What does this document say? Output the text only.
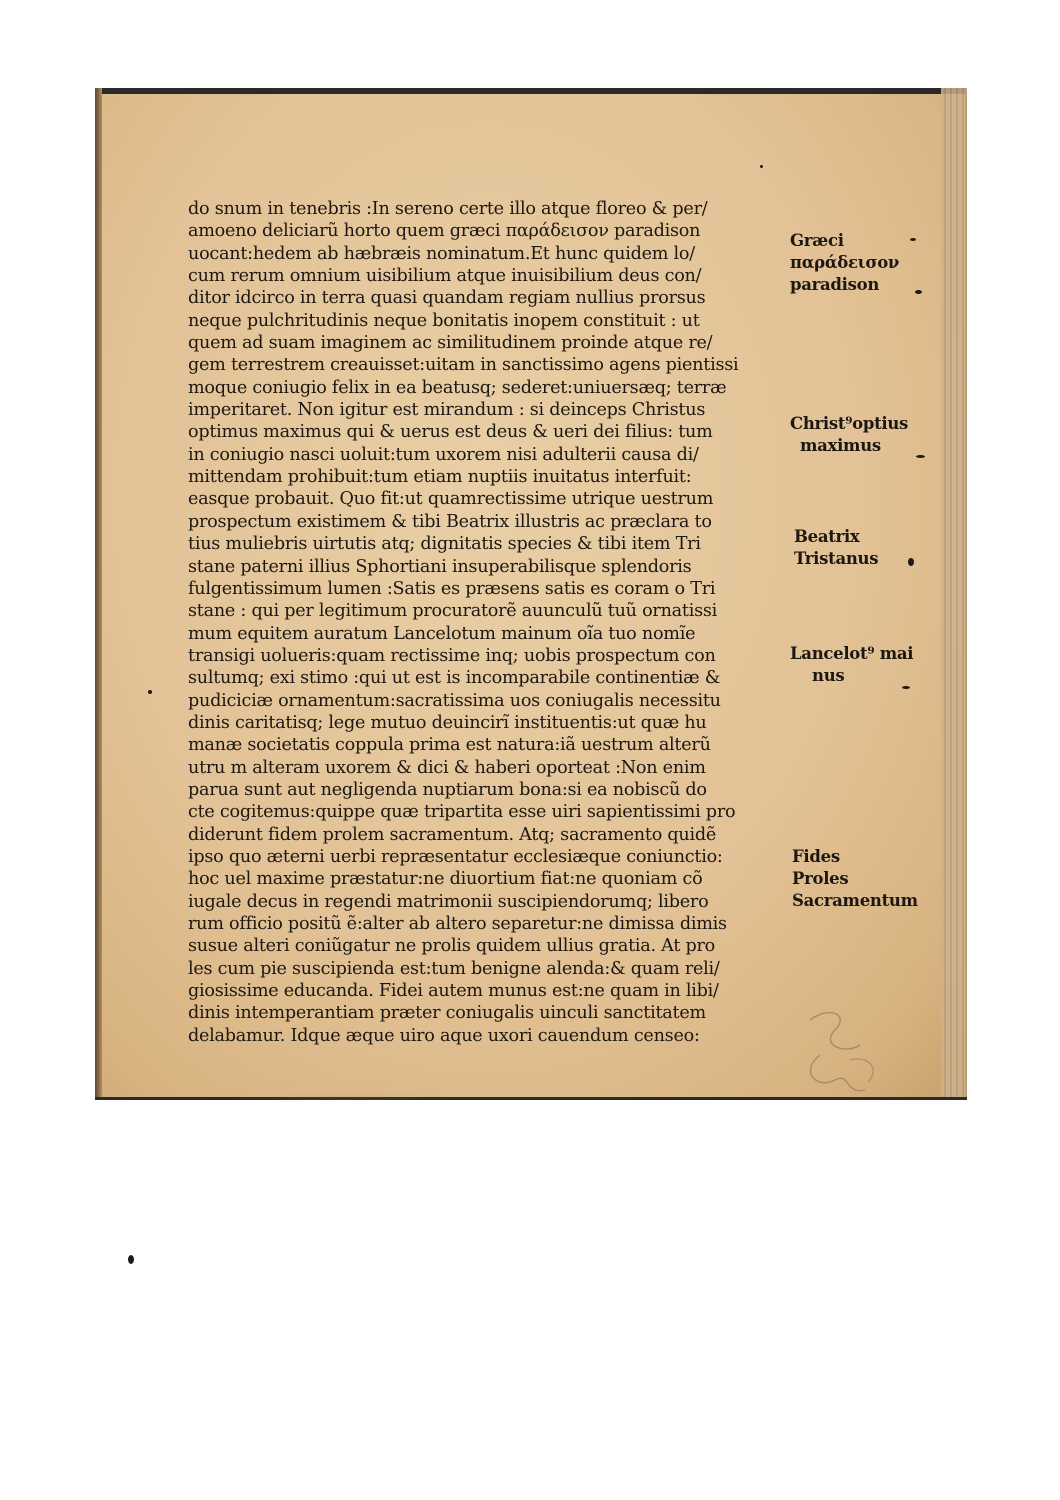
do snum in tenebris :In sereno certe illo atque floreo & per/
amoeno deliciarũ horto quem græci παράδεισον paradison
uocant:hedem ab hæbræis nominatum.Et hunc quidem lo/
cum rerum omnium uisibilium atque inuisibilium deus con/
ditor idcirco in terra quasi quandam regiam nullius prorsus
neque pulchritudinis neque bonitatis inopem constituit : ut
quem ad suam imaginem ac similitudinem proinde atque re/
gem terrestrem creauisset:uitam in sanctissimo agens pientissi
moque coniugio felix in ea beatusq; sederet:uniuersæq; terræ
imperitaret. Non igitur est mirandum : si deinceps Christus
optimus maximus qui & uerus est deus & ueri dei filius: tum
in coniugio nasci uoluit:tum uxorem nisi adulterii causa di/
mittendam prohibuit:tum etiam nuptiis inuitatus interfuit:
easque probauit. Quo fit:ut quamrectissime utrique uestrum
prospectum existimem & tibi Beatrix illustris ac præclara to
tius muliebris uirtutis atq; dignitatis species & tibi item Tri
stane paterni illius Sphortiani insuperabilisque splendoris
fulgentissimum lumen :Satis es præsens satis es coram o Tri
stane : qui per legitimum procuratorẽ auunculũ tuũ ornatissi
mum equitem auratum Lancelotum mainum oĩa tuo nomĩe
transigi uolueris:quam rectissime inq; uobis prospectum con
sultumq; exi stimo :qui ut est is incomparabile continentiæ &
pudiciciæ ornamentum:sacratissima uos coniugalis necessitu
dinis caritatisq; lege mutuo deuincirĩ instituentis:ut quæ hu
manæ societatis coppula prima est natura:iã uestrum alterũ
utru m alteram uxorem & dici & haberi oporteat :Non enim
parua sunt aut negligenda nuptiarum bona:si ea nobiscũ do
cte cogitemus:quippe quæ tripartita esse uiri sapientissimi pro
diderunt fidem prolem sacramentum. Atq; sacramento quidẽ
ipso quo æterni uerbi repræsentatur ecclesiæque coniunctio:
hoc uel maxime præstatur:ne diuortium fiat:ne quoniam cõ
iugale decus in regendi matrimonii suscipiendorumq; libero
rum officio positũ ẽ:alter ab altero separetur:ne dimissa dimis
susue alteri coniũgatur ne prolis quidem ullius gratia. At pro
les cum pie suscipienda est:tum benigne alenda:& quam reli/
giosissime educanda. Fidei autem munus est:ne quam in libi/
dinis intemperantiam præter coniugalis uinculi sanctitatem
delabamur. Idque æque uiro aque uxori cauendum censeo:
Græci
παράδεισον
paradison
Christ⁹optius
maximus
Beatrix
Tristanus
Lancelot⁹ mai
nus
Fides
Proles
Sacramentum
